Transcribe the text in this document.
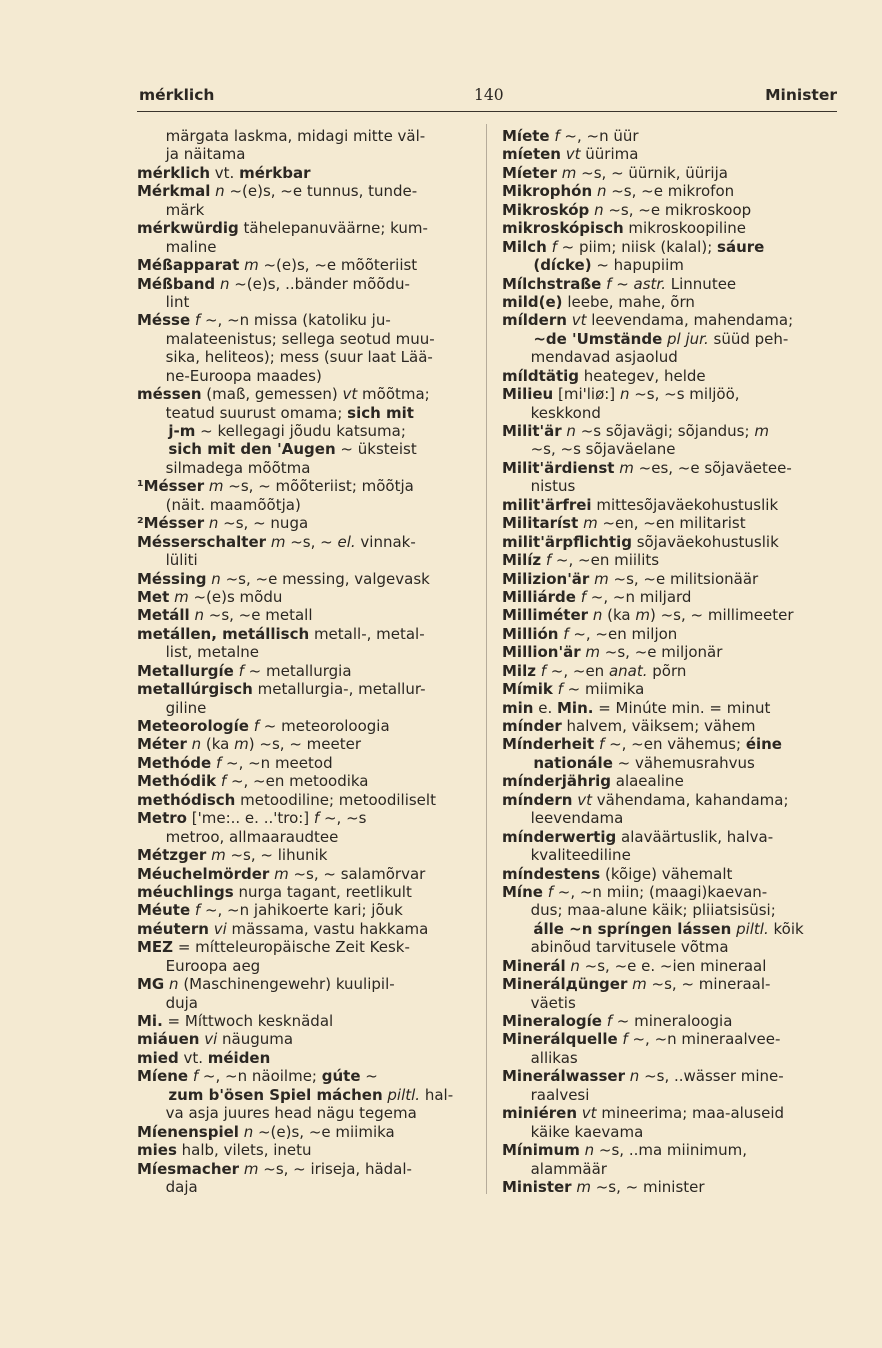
mérklich	140	Minister
märgata laskma, midagi mitte väl-
ja näitama
mérklich vt. mérkbar
Mérkmal n ~(e)s, ~e tunnus, tunde-
märk
mérkwürdig tähelepanuväärne; kum-
maline
Méßapparat m ~(e)s, ~e mõõteriist
Méßband n ~(e)s, ..bänder mõõdu-
lint
Mésse f ~, ~n missa (katoliku ju-
malateenistus; sellega seotud muu-
sika, heliteos); mess (suur laat Lää-
ne-Euroopa maades)
méssen (maß, gemessen) vt mõõtma;
teatud suurust omama; sich mit
j-m ~ kellegagi jõudu katsuma;
sich mit den 'Augen ~ üksteist
silmadega mõõtma
¹Mésser m ~s, ~ mõõteriist; mõõtja
(näit. maamõõtja)
²Mésser n ~s, ~ nuga
Mésserschalter m ~s, ~ el. vinnak-
lüliti
Méssing n ~s, ~e messing, valgevask
Met m ~(e)s mõdu
Metáll n ~s, ~e metall
metállen, metállisch metall-, metal-
list, metalne
Metallurgíe f ~ metallurgia
metallúrgisch metallurgia-, metallur-
giline
Meteorologíe f ~ meteoroloogia
Méter n (ka m) ~s, ~ meeter
Methóde f ~, ~n meetod
Methódik f ~, ~en metoodika
methódisch metoodiline; metoodiliselt
Metro ['me:.. e. ..'tro:] f ~, ~s
metroo, allmaaraudtee
Métzger m ~s, ~ lihunik
Méuchelmörder m ~s, ~ salamõrvar
méuchlings nurga tagant, reetlikult
Méute f ~, ~n jahikoerte kari; jõuk
méutern vi mässama, vastu hakkama
MEZ = mítteleuropäische Zeit Kesk-
Euroopa aeg
MG n (Maschinengewehr) kuulipil-
duja
Mi. = Míttwoch kesknädal
miáuen vi näuguma
mied vt. méiden
Míene f ~, ~n näoilme; gúte ~
zum b'ösen Spiel máchen piltl. hal-
va asja juures head nägu tegema
Míenenspiel n ~(e)s, ~e miimika
mies halb, vilets, inetu
Míesmacher m ~s, ~ iriseja, hädal-
daja
Míete f ~, ~n üür
míeten vt üürima
Míeter m ~s, ~ üürnik, üürija
Mikrophón n ~s, ~e mikrofon
Mikroskóp n ~s, ~e mikroskoop
mikroskópisch mikroskoopiline
Milch f ~ piim; niisk (kalal); sáure
(dícke) ~ hapupiim
Mílchstraße f ~ astr. Linnutee
mild(e) leebe, mahe, õrn
míldern vt leevendama, mahendama;
~de 'Umstände pl jur. süüd peh-
mendavad asjaolud
míldtätig heategev, helde
Milieu [mi'liø:] n ~s, ~s miljöö,
keskkond
Milit'är n ~s sõjavägi; sõjandus; m
~s, ~s sõjaväelane
Milit'ärdienst m ~es, ~e sõjaväetee-
nistus
milit'ärfrei mittesõjaväekohustuslik
Militaríst m ~en, ~en militarist
milit'ärpflichtig sõjaväekohustuslik
Milíz f ~, ~en miilits
Milizion'är m ~s, ~e militsionäär
Milliárde f ~, ~n miljard
Milliméter n (ka m) ~s, ~ millimeeter
Millión f ~, ~en miljon
Million'är m ~s, ~e miljonär
Milz f ~, ~en anat. põrn
Mímik f ~ miimika
min e. Min. = Minúte min. = minut
mínder halvem, väiksem; vähem
Mínderheit f ~, ~en vähemus; éine
nationále ~ vähemusrahvus
mínderjährig alaealine
míndern vt vähendama, kahandama;
leevendama
mínderwertig alaväärtuslik, halva-
kvaliteediline
míndestens (kõige) vähemalt
Míne f ~, ~n miin; (maagi)kaevan-
dus; maa-alune käik; pliiatsisüsi;
álle ~n sprı́ngen lássen piltl. kõik
abinõud tarvitusele võtma
Minerál n ~s, ~e e. ~ien mineraal
Minerálдünger m ~s, ~ mineraal-
väetis
Mineralogíe f ~ mineraloogia
Minerálquelle f ~, ~n mineraalvee-
allikas
Minerálwasser n ~s, ..wässer mine-
raalvesi
miniéren vt mineerima; maa-aluseid
käike kaevama
Mínimum n ~s, ..ma miinimum,
alammäär
Minister m ~s, ~ minister
